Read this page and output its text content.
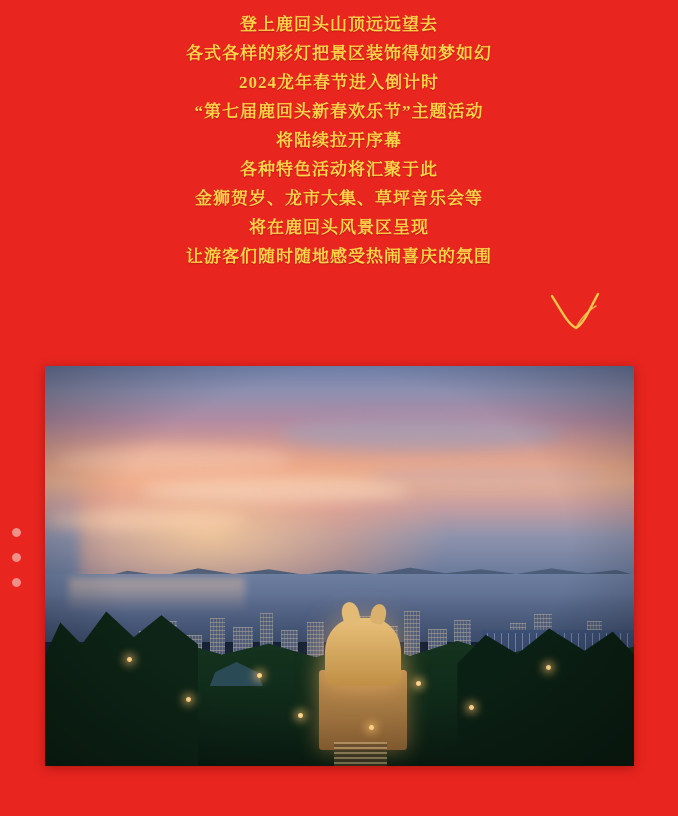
登上鹿回头山顶远远望去
各式各样的彩灯把景区装饰得如梦如幻
2024龙年春节进入倒计时
“第七届鹿回头新春欢乐节”主题活动
将陆续拉开序幕
各种特色活动将汇聚于此
金狮贺岁、龙市大集、草坪音乐会等
将在鹿回头风景区呈现
让游客们随时随地感受热闹喜庆的氛围
